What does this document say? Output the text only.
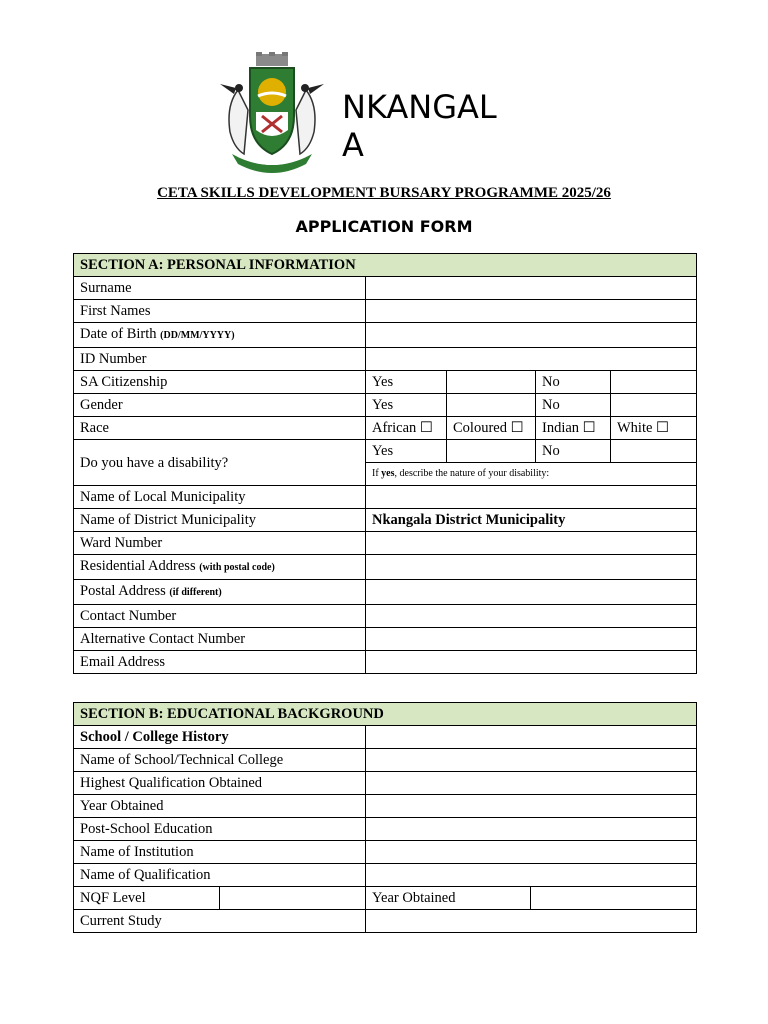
NKANGALA
CETA SKILLS DEVELOPMENT BURSARY PROGRAMME 2025/26
APPLICATION FORM
SECTION A: PERSONAL INFORMATION				
Surname				
First Names				
Date of Birth (DD/MM/YYYY)				
ID Number				
SA Citizenship	Yes		No	
Gender	Yes		No	
Race	African ☐	Coloured ☐	Indian ☐	White ☐
Do you have a disability?	Yes		No	
	If yes, describe the nature of your disability:			
Name of Local Municipality				
Name of District Municipality	Nkangala District Municipality			
Ward Number				
Residential Address (with postal code)				
Postal Address (if different)				
Contact Number				
Alternative Contact Number				
Email Address				
SECTION B: EDUCATIONAL BACKGROUND			
School / College History			
Name of School/Technical College			
Highest Qualification Obtained			
Year Obtained			
Post-School Education			
Name of Institution			
Name of Qualification			
NQF Level		Year Obtained	
Current Study			
